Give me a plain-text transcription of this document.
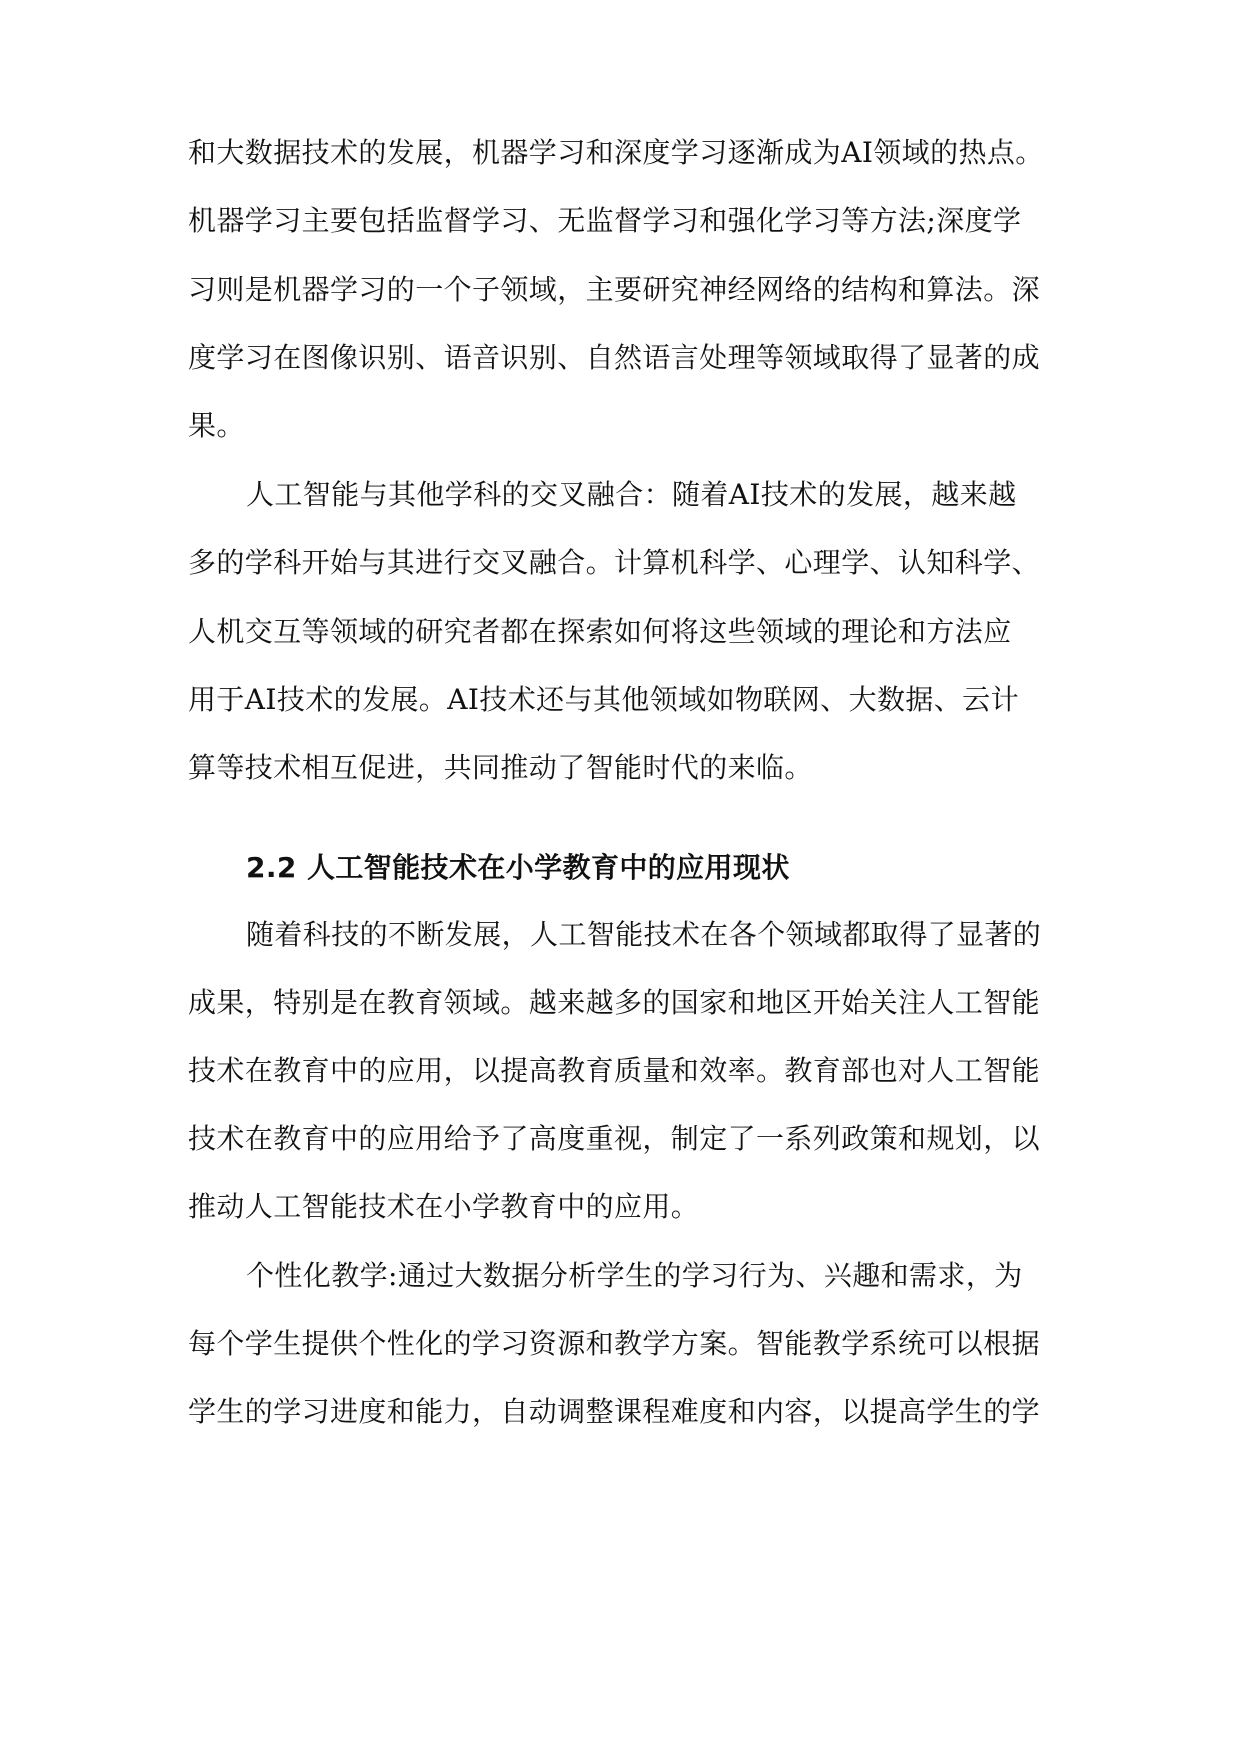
和大数据技术的发展，机器学习和深度学习逐渐成为AI领域的热点。
机器学习主要包括监督学习、无监督学习和强化学习等方法;深度学
习则是机器学习的一个子领域，主要研究神经网络的结构和算法。深
度学习在图像识别、语音识别、自然语言处理等领域取得了显著的成
果。
人工智能与其他学科的交叉融合：随着AI技术的发展，越来越
多的学科开始与其进行交叉融合。计算机科学、心理学、认知科学、
人机交互等领域的研究者都在探索如何将这些领域的理论和方法应
用于AI技术的发展。AI技术还与其他领域如物联网、大数据、云计
算等技术相互促进，共同推动了智能时代的来临。
2.2 人工智能技术在小学教育中的应用现状
随着科技的不断发展，人工智能技术在各个领域都取得了显著的
成果，特别是在教育领域。越来越多的国家和地区开始关注人工智能
技术在教育中的应用，以提高教育质量和效率。教育部也对人工智能
技术在教育中的应用给予了高度重视，制定了一系列政策和规划，以
推动人工智能技术在小学教育中的应用。
个性化教学:通过大数据分析学生的学习行为、兴趣和需求，为
每个学生提供个性化的学习资源和教学方案。智能教学系统可以根据
学生的学习进度和能力，自动调整课程难度和内容，以提高学生的学
